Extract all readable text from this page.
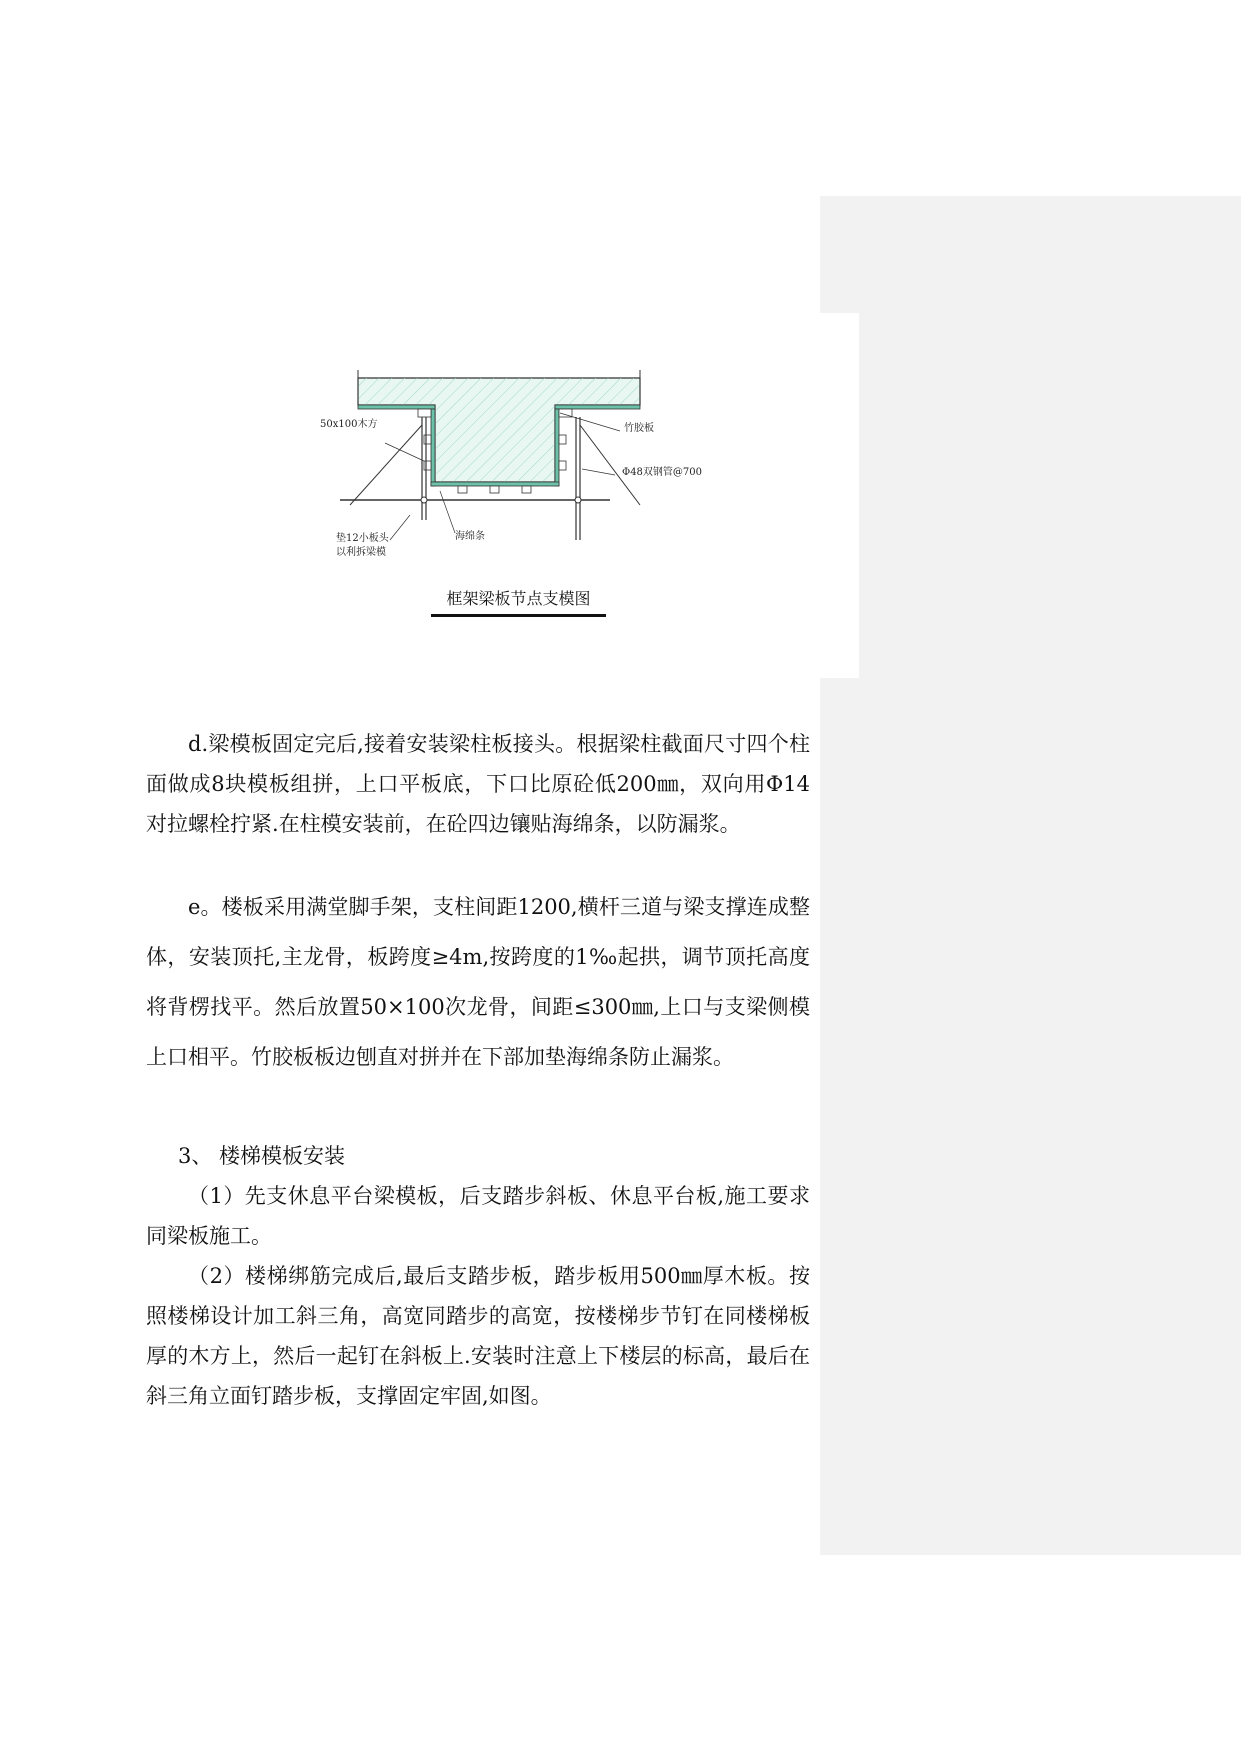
50x100木方	竹胶板
Φ48双钢管@700
海绵条
垫12小板头
以利拆梁模
框架梁板节点支模图

d.梁模板固定完后,接着安装梁柱板接头。根据梁柱截面尺寸四个柱面做成8块模板组拼，上口平板底，下口比原砼低200㎜，双向用Φ14对拉螺栓拧紧.在柱模安装前，在砼四边镶贴海绵条，以防漏浆。

e。楼板采用满堂脚手架，支柱间距1200,横杆三道与梁支撑连成整体，安装顶托,主龙骨，板跨度≥4m,按跨度的1‰起拱，调节顶托高度将背楞找平。然后放置50×100次龙骨，间距≤300㎜,上口与支梁侧模上口相平。竹胶板板边刨直对拼并在下部加垫海绵条防止漏浆。

3、 楼梯模板安装

（1）先支休息平台梁模板，后支踏步斜板、休息平台板,施工要求同梁板施工。

（2）楼梯绑筋完成后,最后支踏步板，踏步板用500㎜厚木板。按照楼梯设计加工斜三角，高宽同踏步的高宽，按楼梯步节钉在同楼梯板厚的木方上，然后一起钉在斜板上.安装时注意上下楼层的标高，最后在斜三角立面钉踏步板，支撑固定牢固,如图。
